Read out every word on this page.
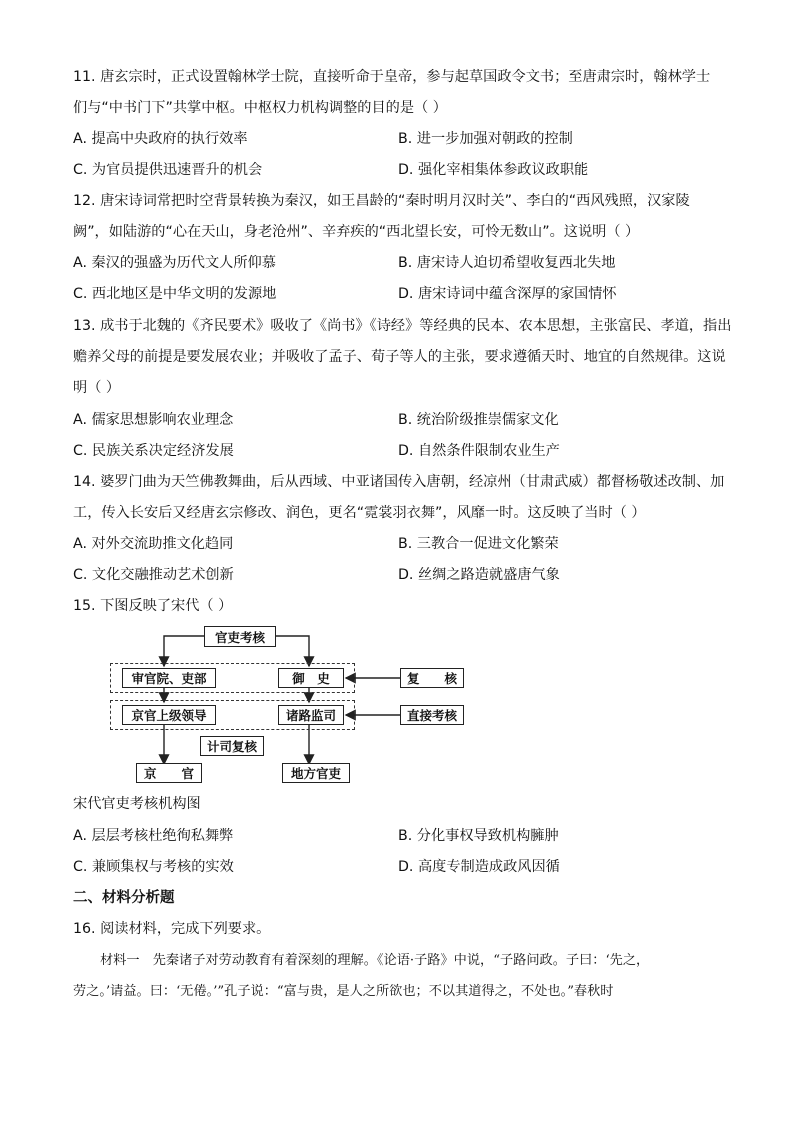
11. 唐玄宗时，正式设置翰林学士院，直接听命于皇帝，参与起草国政令文书；至唐肃宗时，翰林学士
们与“中书门下”共掌中枢。中枢权力机构调整的目的是（ ）
A. 提高中央政府的执行效率	B. 进一步加强对朝政的控制
C. 为官员提供迅速晋升的机会	D. 强化宰相集体参政议政职能
12. 唐宋诗词常把时空背景转换为秦汉，如王昌龄的“秦时明月汉时关”、李白的“西风残照，汉家陵
阙”，如陆游的“心在天山，身老沧州”、辛弃疾的“西北望长安，可怜无数山”。这说明（ ）
A. 秦汉的强盛为历代文人所仰慕	B. 唐宋诗人迫切希望收复西北失地
C. 西北地区是中华文明的发源地	D. 唐宋诗词中蕴含深厚的家国情怀
13. 成书于北魏的《齐民要术》吸收了《尚书》《诗经》等经典的民本、农本思想，主张富民、孝道，指出
赡养父母的前提是要发展农业；并吸收了孟子、荀子等人的主张，要求遵循天时、地宜的自然规律。这说
明（ ）
A. 儒家思想影响农业理念	B. 统治阶级推崇儒家文化
C. 民族关系决定经济发展	D. 自然条件限制农业生产
14. 婆罗门曲为天竺佛教舞曲，后从西域、中亚诸国传入唐朝，经凉州（甘肃武威）都督杨敬述改制、加
工，传入长安后又经唐玄宗修改、润色，更名“霓裳羽衣舞”，风靡一时。这反映了当时（ ）
A. 对外交流助推文化趋同	B. 三教合一促进文化繁荣
C. 文化交融推动艺术创新	D. 丝绸之路造就盛唐气象
15. 下图反映了宋代（ ）
官吏考核
审官院、吏部	御　史	复　　核
京官上级领导	诸路监司	直接考核
计司复核
京　　官	地方官吏
宋代官吏考核机构图
A. 层层考核杜绝徇私舞弊	B. 分化事权导致机构臃肿
C. 兼顾集权与考核的实效	D. 高度专制造成政风因循
二、材料分析题
16. 阅读材料，完成下列要求。
材料一　先秦诸子对劳动教育有着深刻的理解。《论语·子路》中说，“子路问政。子曰：‘先之，
劳之。’请益。曰：‘无倦。’”孔子说：“富与贵，是人之所欲也；不以其道得之，不处也。”春秋时
